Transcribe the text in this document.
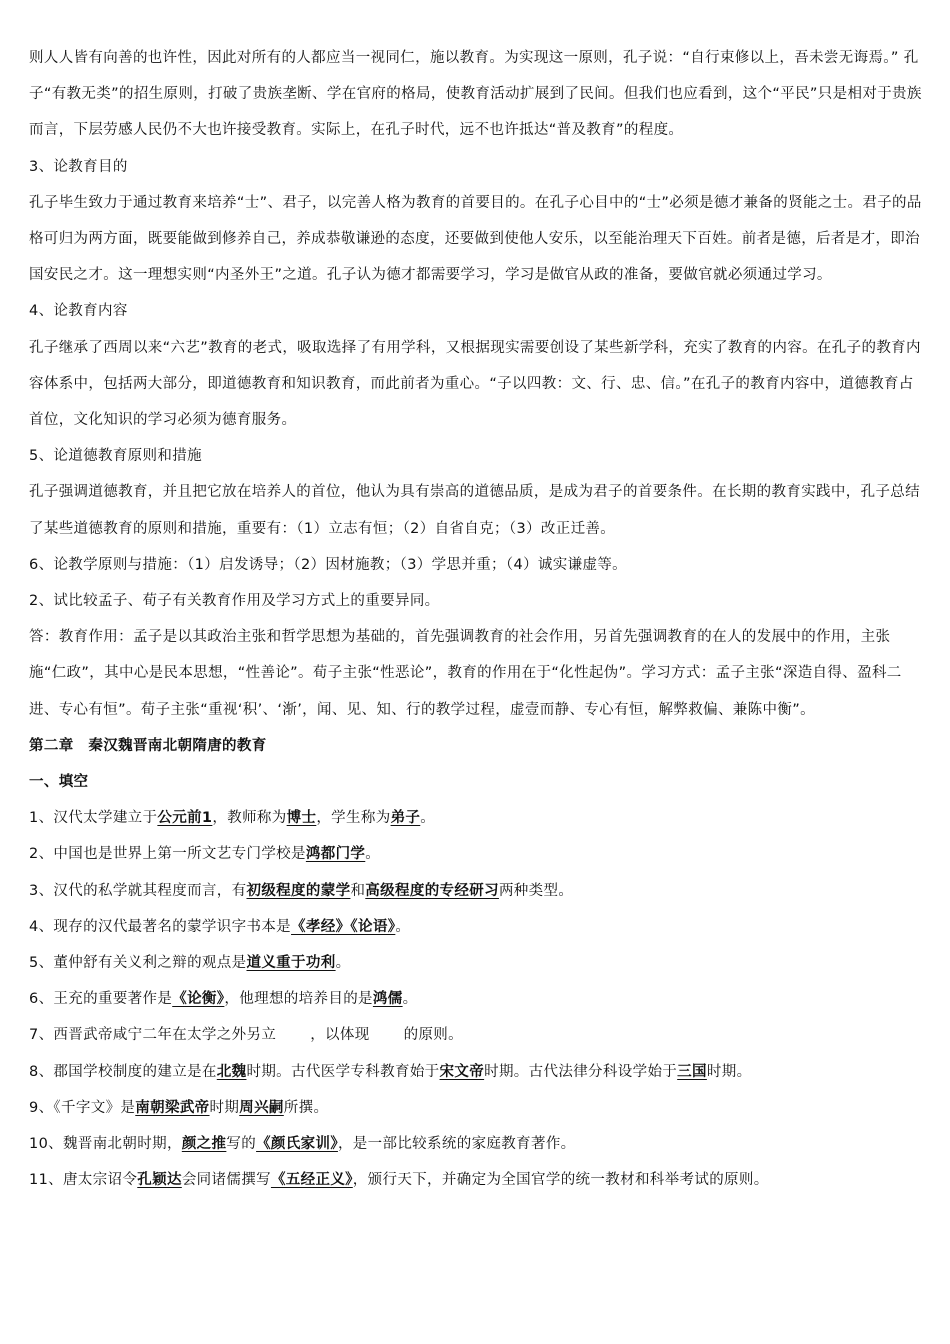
则人人皆有向善的也许性，因此对所有的人都应当一视同仁，施以教育。为实现这一原则，孔子说：“自行束修以上，吾未尝无诲焉。” 孔子“有教无类”的招生原则，打破了贵族垄断、学在官府的格局，使教育活动扩展到了民间。但我们也应看到，这个“平民”只是相对于贵族而言，下层劳感人民仍不大也许接受教育。实际上，在孔子时代，远不也许抵达“普及教育”的程度。

3、论教育目的

孔子毕生致力于通过教育来培养“士”、君子，以完善人格为教育的首要目的。在孔子心目中的“士”必须是德才兼备的贤能之士。君子的品格可归为两方面，既要能做到修养自己，养成恭敬谦逊的态度，还要做到使他人安乐，以至能治理天下百姓。前者是德，后者是才，即治国安民之才。这一理想实则“内圣外王”之道。孔子认为德才都需要学习，学习是做官从政的准备，要做官就必须通过学习。

4、论教育内容

孔子继承了西周以来“六艺”教育的老式，吸取选择了有用学科，又根据现实需要创设了某些新学科，充实了教育的内容。在孔子的教育内容体系中，包括两大部分，即道德教育和知识教育，而此前者为重心。“子以四教：文、行、忠、信。”在孔子的教育内容中，道德教育占首位，文化知识的学习必须为德育服务。

5、论道德教育原则和措施

孔子强调道德教育，并且把它放在培养人的首位，他认为具有崇高的道德品质，是成为君子的首要条件。在长期的教育实践中，孔子总结了某些道德教育的原则和措施，重要有：（1）立志有恒；（2）自省自克；（3）改正迁善。

6、论教学原则与措施：（1）启发诱导；（2）因材施教；（3）学思并重；（4）诚实谦虚等。

2、试比较孟子、荀子有关教育作用及学习方式上的重要异同。

答：教育作用：孟子是以其政治主张和哲学思想为基础的，首先强调教育的社会作用，另首先强调教育的在人的发展中的作用，主张施“仁政”，其中心是民本思想，“性善论”。荀子主张“性恶论”，教育的作用在于“化性起伪”。学习方式：孟子主张“深造自得、盈科二进、专心有恒”。荀子主张“重视‘积’、‘渐’，闻、见、知、行的教学过程，虚壹而静、专心有恒，解弊救偏、兼陈中衡”。

第二章　秦汉魏晋南北朝隋唐的教育

一、填空

1、汉代太学建立于公元前1，教师称为博士，学生称为弟子。

2、中国也是世界上第一所文艺专门学校是鸿都门学。

3、汉代的私学就其程度而言，有初级程度的蒙学和高级程度的专经研习两种类型。

4、现存的汉代最著名的蒙学识字书本是《孝经》《论语》。

5、董仲舒有关义利之辩的观点是道义重于功利。

6、王充的重要著作是《论衡》，他理想的培养目的是鸿儒。

7、西晋武帝咸宁二年在太学之外另立 ，以体现 的原则。

8、郡国学校制度的建立是在北魏时期。古代医学专科教育始于宋文帝时期。古代法律分科设学始于三国时期。

9、《千字文》是南朝梁武帝时期周兴嗣所撰。

10、魏晋南北朝时期，颜之推写的《颜氏家训》，是一部比较系统的家庭教育著作。

11、唐太宗诏令孔颖达会同诸儒撰写《五经正义》，颁行天下，并确定为全国官学的统一教材和科举考试的原则。
